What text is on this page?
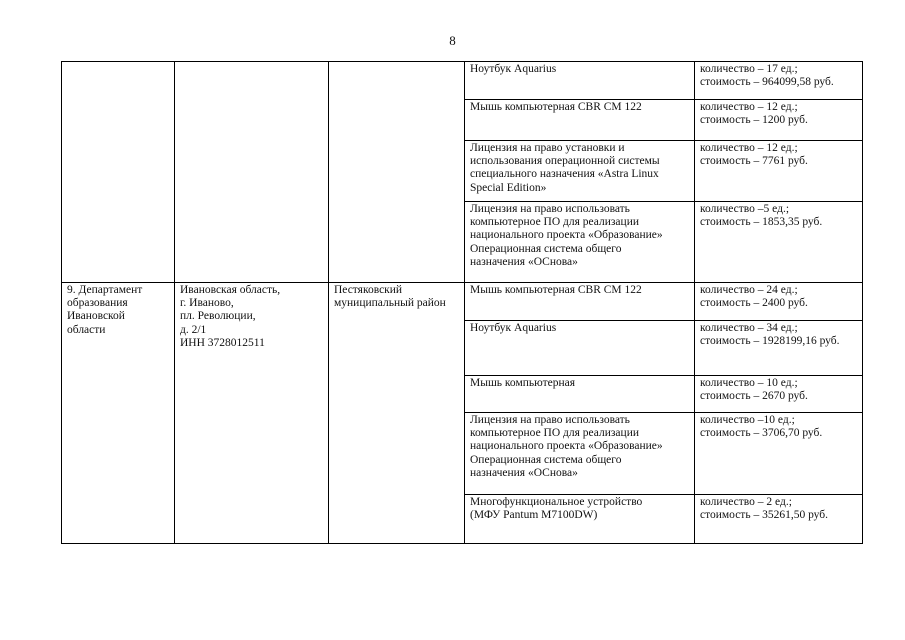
8
			Ноутбук Aquarius	количество – 17 ед.;
стоимость – 964099,58 руб.
			Мышь компьютерная CBR CM 122	количество – 12 ед.;
стоимость – 1200 руб.
			Лицензия на право установки и
использования операционной системы
специального назначения «Astra Linux
Special Edition»	количество – 12 ед.;
стоимость – 7761 руб.
			Лицензия на право использовать
компьютерное ПО для реализации
национального проекта «Образование»
Операционная система общего
назначения «ОСнова»	количество –5 ед.;
стоимость – 1853,35 руб.
9. Департамент
образования
Ивановской
области	Ивановская область,
г. Иваново,
пл. Революции,
д. 2/1
ИНН 3728012511	Пестяковский
муниципальный район	Мышь компьютерная CBR CM 122	количество – 24 ед.;
стоимость – 2400 руб.
			Ноутбук Aquarius	количество – 34 ед.;
стоимость – 1928199,16 руб.
			Мышь компьютерная	количество – 10 ед.;
стоимость – 2670 руб.
			Лицензия на право использовать
компьютерное ПО для реализации
национального проекта «Образование»
Операционная система общего
назначения «ОСнова»	количество –10 ед.;
стоимость – 3706,70 руб.
			Многофункциональное устройство
(МФУ Pantum M7100DW)	количество – 2 ед.;
стоимость – 35261,50 руб.
